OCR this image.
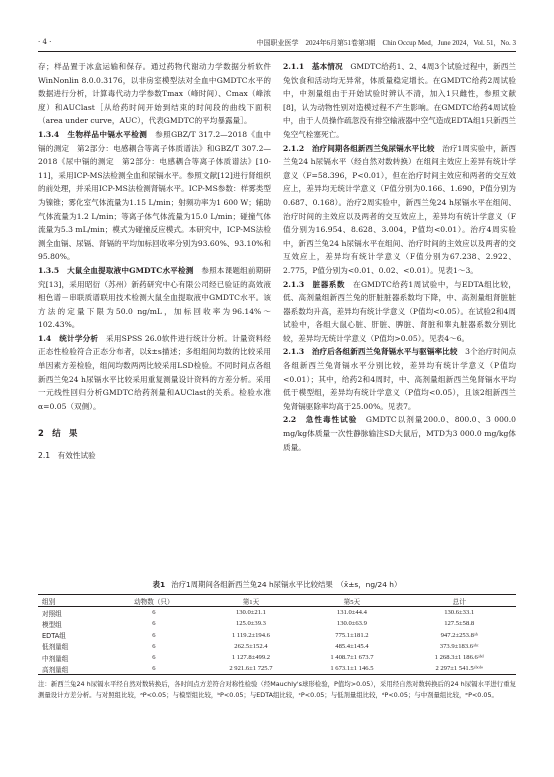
· 4 ·	中国职业医学　2024年6月第51卷第3期　Chin Occup Med，June 2024，Vol. 51，No. 3

存；样品置于冰盒运输和保存。通过药物代谢动力学数据分析软件WinNonlin 8.0.0.3176，以非房室模型法对全血中GMDTC水平的数据进行分析，计算毒代动力学参数Tmax（峰时间）、Cmax（峰浓度）和AUClast［从给药时间开始到结束的时间段的曲线下面积（area under curve，AUC），代表GMDTC的平均暴露量］。

1.3.4　生物样品中镉水平检测　 参照GBZ/T 317.2—2018《血中镉的测定　第2部分：电感耦合等离子体质谱法》和GBZ/T 307.2—2018《尿中镉的测定　第2部分：电感耦合等离子体质谱法》[10-11]，采用ICP-MS法检测全血和尿镉水平。参照文献[12]进行肾组织的前处理，并采用ICP-MS法检测肾镉水平。ICP-MS参数：样雾类型为镍锥；雾化室气体流量为1.15 L/min；射频功率为1 600 W；辅助气体流量为1.2 L/min；等离子体气体流量为15.0 L/min；碰撞气体流量为5.3 mL/min；模式为碰撞反应模式。本研究中，ICP-MS法检测全血镉、尿镉、肾镉的平均加标回收率分别为93.60%、93.10%和95.80%。

1.3.5　大鼠全血提取液中GMDTC水平检测　 参照本课题组前期研究[13]，采用昭衍（苏州）新药研究中心有限公司经已验证的高效液相色谱－串联质谱联用技术检测大鼠全血提取液中GMDTC水平。该方法的定量下限为50.0 ng/mL，加标回收率为96.14%～102.43%。

1.4　统计学分析　 采用SPSS 26.0软件进行统计分析。计量资料经正态性检验符合正态分布者，以x̄±s描述；多组组间均数的比较采用单因素方差检验，组间均数两两比较采用LSD检验。不同时间点各组新西兰兔24 h尿镉水平比较采用重复测量设计资料的方差分析。采用一元线性回归分析GMDTC给药剂量和AUClast的关系。检验水准α=0.05（双侧）。

2　结　果

2.1　有效性试验

2.1.1　基本情况　 GMDTC给药1、2、4周3个试验过程中，新西兰兔饮食和活动均无异常，体质量稳定增长。在GMDTC给药2周试验中，中剂量组由于开始试验时辨认不清，加入1只雌性，参照文献[8]，认为动物性别对造模过程不产生影响。在GMDTC给药4周试验中，由于人员操作疏忽没有排空输液器中空气造成EDTA组1只新西兰兔空气栓塞死亡。

2.1.2　治疗间期各组新西兰兔尿镉水平比较　 治疗1周实验中，新西兰兔24 h尿镉水平（经自然对数转换）在组间主效应上差异有统计学意义（F=58.396，P<0.01），但在治疗时间主效应和两者的交互效应上，差异均无统计学意义（F值分别为0.166、1.690，P值分别为0.687、0.168）。治疗2周实验中，新西兰兔24 h尿镉水平在组间、治疗时间的主效应以及两者的交互效应上，差异均有统计学意义（F值分别为16.954、8.628、3.004，P值均<0.01）。治疗4周实验中，新西兰兔24 h尿镉水平在组间、治疗时间的主效应以及两者的交互效应上，差异均有统计学意义（F值分别为67.238、2.922、2.775，P值分别为<0.01、0.02、<0.01）。见表1～3。

2.1.3　脏器系数　 在GMDTC给药1周试验中，与EDTA组比较，低、高剂量组新西兰兔的肝脏脏器系数均下降，中、高剂量组肾脏脏器系数均升高，差异均有统计学意义（P值均<0.05）。在试验2和4周试验中，各组大鼠心脏、肝脏、脾脏、肾脏和睾丸脏器系数分别比较，差异均无统计学意义（P值均>0.05）。见表4～6。

2.1.3　治疗后各组新西兰兔肾镉水平与驱镉率比较　 3个治疗时间点各组新西兰兔肾镉水平分别比较，差异均有统计学意义（P值均<0.01）；其中，给药2和4周时，中、高剂量组新西兰兔肾镉水平均低于模型组，差异均有统计学意义（P值均<0.05），且该2组新西兰兔肾镉驱除率均高于25.00%。见表7。

2.2　急性毒性试验　 GMDTC以剂量200.0、800.0、3 000.0 mg/kg体质量一次性静脉输注SD大鼠后，MTD为3 000.0 mg/kg体质量。

表1 治疗1周期间各组新西兰兔24 h尿镉水平比较结果　（x̄±s，ng/24 h）
组别	动物数（只）	第1天	第5天	总计
对照组	6	130.0±21.1	131.0±44.4	130.6±33.1
模型组	6	125.0±39.3	130.0±63.9	127.5±58.8
EDTA组	6	1 119.2±194.6	775.1±181.2	947.2±253.8ᵃᵇ
低剂量组	6	262.5±152.4	485.4±145.4	373.9±183.6ᵃᵇᶜ
中剂量组	6	1 127.8±499.2	1 408.7±1 673.7	1 268.3±1 186.6ᵃᵇᵈ
高剂量组	6	2 921.6±1 725.7	1 673.1±1 146.5	2 297±1 541.5ᵃᵇᶜᵈᵉ
注：新西兰兔24 h尿镉水平经自然对数转换后，各时间点方差符合对称性检验（经Mauchly's球形检验，P值均>0.05），采用经自然对数转换后的24 h尿镉水平进行重复测量设计方差分析。与对照组比较，ᵃP<0.05；与模型组比较，ᵇP<0.05；与EDTA组比较，ᶜP<0.05；与低剂量组比较，ᵈP<0.05；与中剂量组比较，ᵉP<0.05。
